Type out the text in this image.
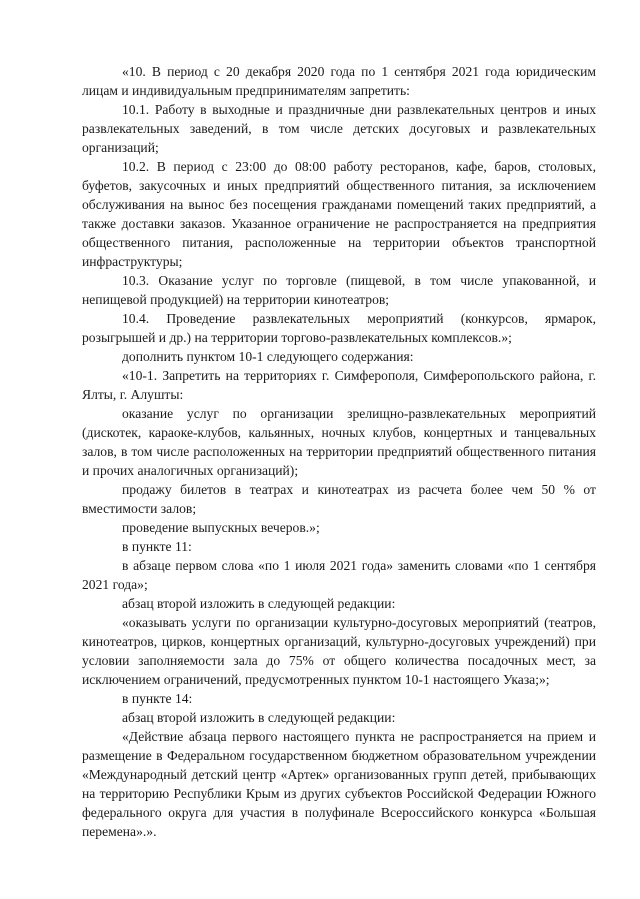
«10. В период с 20 декабря 2020 года по 1 сентября 2021 года юридическим лицам и индивидуальным предпринимателям запретить:

10.1. Работу в выходные и праздничные дни развлекательных центров и иных развлекательных заведений, в том числе детских досуговых и развлекательных организаций;

10.2. В период с 23:00 до 08:00 работу ресторанов, кафе, баров, столовых, буфетов, закусочных и иных предприятий общественного питания, за исключением обслуживания на вынос без посещения гражданами помещений таких предприятий, а также доставки заказов. Указанное ограничение не распространяется на предприятия общественного питания, расположенные на территории объектов транспортной инфраструктуры;

10.3. Оказание услуг по торговле (пищевой, в том числе упакованной, и непищевой продукцией) на территории кинотеатров;

10.4. Проведение развлекательных мероприятий (конкурсов, ярмарок, розыгрышей и др.) на территории торгово-развлекательных комплексов.»;

дополнить пунктом 10-1 следующего содержания:

«10-1. Запретить на территориях г. Симферополя, Симферопольского района, г. Ялты, г. Алушты:

оказание услуг по организации зрелищно-развлекательных мероприятий (дискотек, караоке-клубов, кальянных, ночных клубов, концертных и танцевальных залов, в том числе расположенных на территории предприятий общественного питания и прочих аналогичных организаций);

продажу билетов в театрах и кинотеатрах из расчета более чем 50 % от вместимости залов;

проведение выпускных вечеров.»;

в пункте 11:

в абзаце первом слова «по 1 июля 2021 года» заменить словами «по 1 сентября 2021 года»;

абзац второй изложить в следующей редакции:

«оказывать услуги по организации культурно-досуговых мероприятий (театров, кинотеатров, цирков, концертных организаций, культурно-досуговых учреждений) при условии заполняемости зала до 75% от общего количества посадочных мест, за исключением ограничений, предусмотренных пунктом 10-1 настоящего Указа;»;

в пункте 14:

абзац второй изложить в следующей редакции:

«Действие абзаца первого настоящего пункта не распространяется на прием и размещение в Федеральном государственном бюджетном образовательном учреждении «Международный детский центр «Артек» организованных групп детей, прибывающих на территорию Республики Крым из других субъектов Российской Федерации Южного федерального округа для участия в полуфинале Всероссийского конкурса «Большая перемена».».
